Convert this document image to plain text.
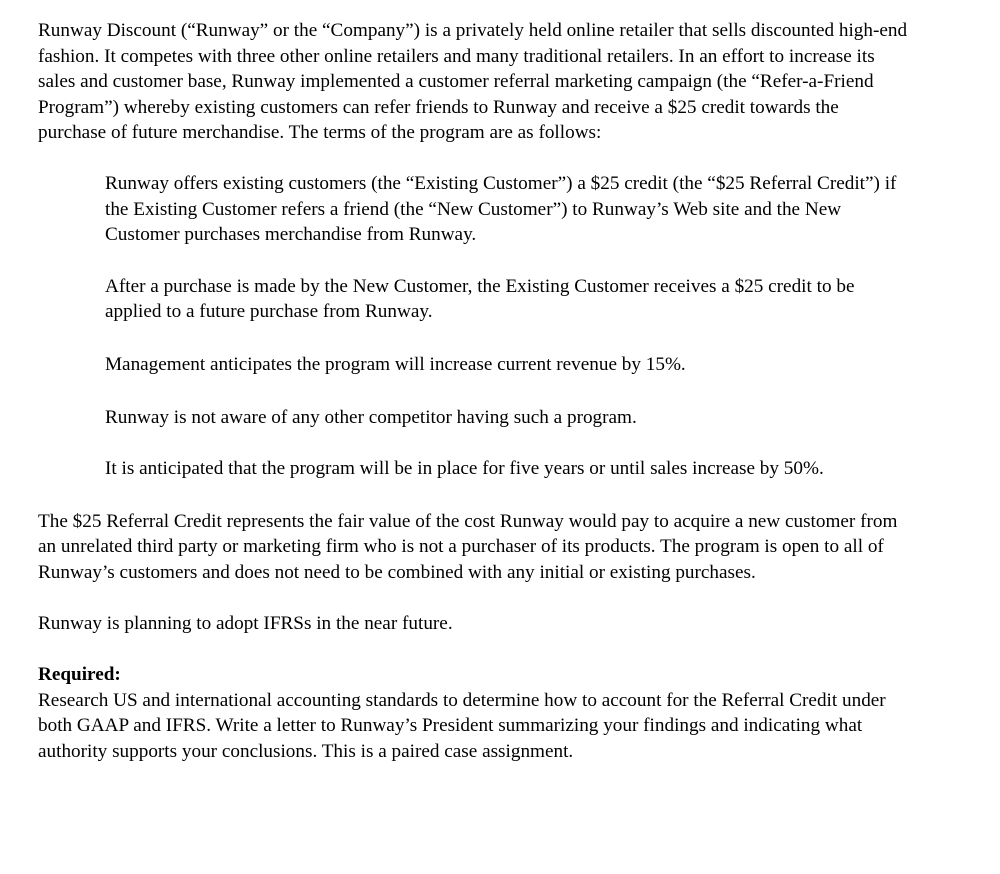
Runway Discount (“Runway” or the “Company”) is a privately held online retailer that sells discounted high-end fashion. It competes with three other online retailers and many traditional retailers. In an effort to increase its sales and customer base, Runway implemented a customer referral marketing campaign (the “Refer-a-Friend Program”) whereby existing customers can refer friends to Runway and receive a $25 credit towards the purchase of future merchandise. The terms of the program are as follows:

Runway offers existing customers (the “Existing Customer”) a $25 credit (the “$25 Referral Credit”) if the Existing Customer refers a friend (the “New Customer”) to Runway’s Web site and the New Customer purchases merchandise from Runway.

After a purchase is made by the New Customer, the Existing Customer receives a $25 credit to be applied to a future purchase from Runway.

Management anticipates the program will increase current revenue by 15%.

Runway is not aware of any other competitor having such a program.

It is anticipated that the program will be in place for five years or until sales increase by 50%.

The $25 Referral Credit represents the fair value of the cost Runway would pay to acquire a new customer from an unrelated third party or marketing firm who is not a purchaser of its products. The program is open to all of Runway’s customers and does not need to be combined with any initial or existing purchases.

Runway is planning to adopt IFRSs in the near future.

Required:

Research US and international accounting standards to determine how to account for the Referral Credit under both GAAP and IFRS. Write a letter to Runway’s President summarizing your findings and indicating what authority supports your conclusions. This is a paired case assignment.
